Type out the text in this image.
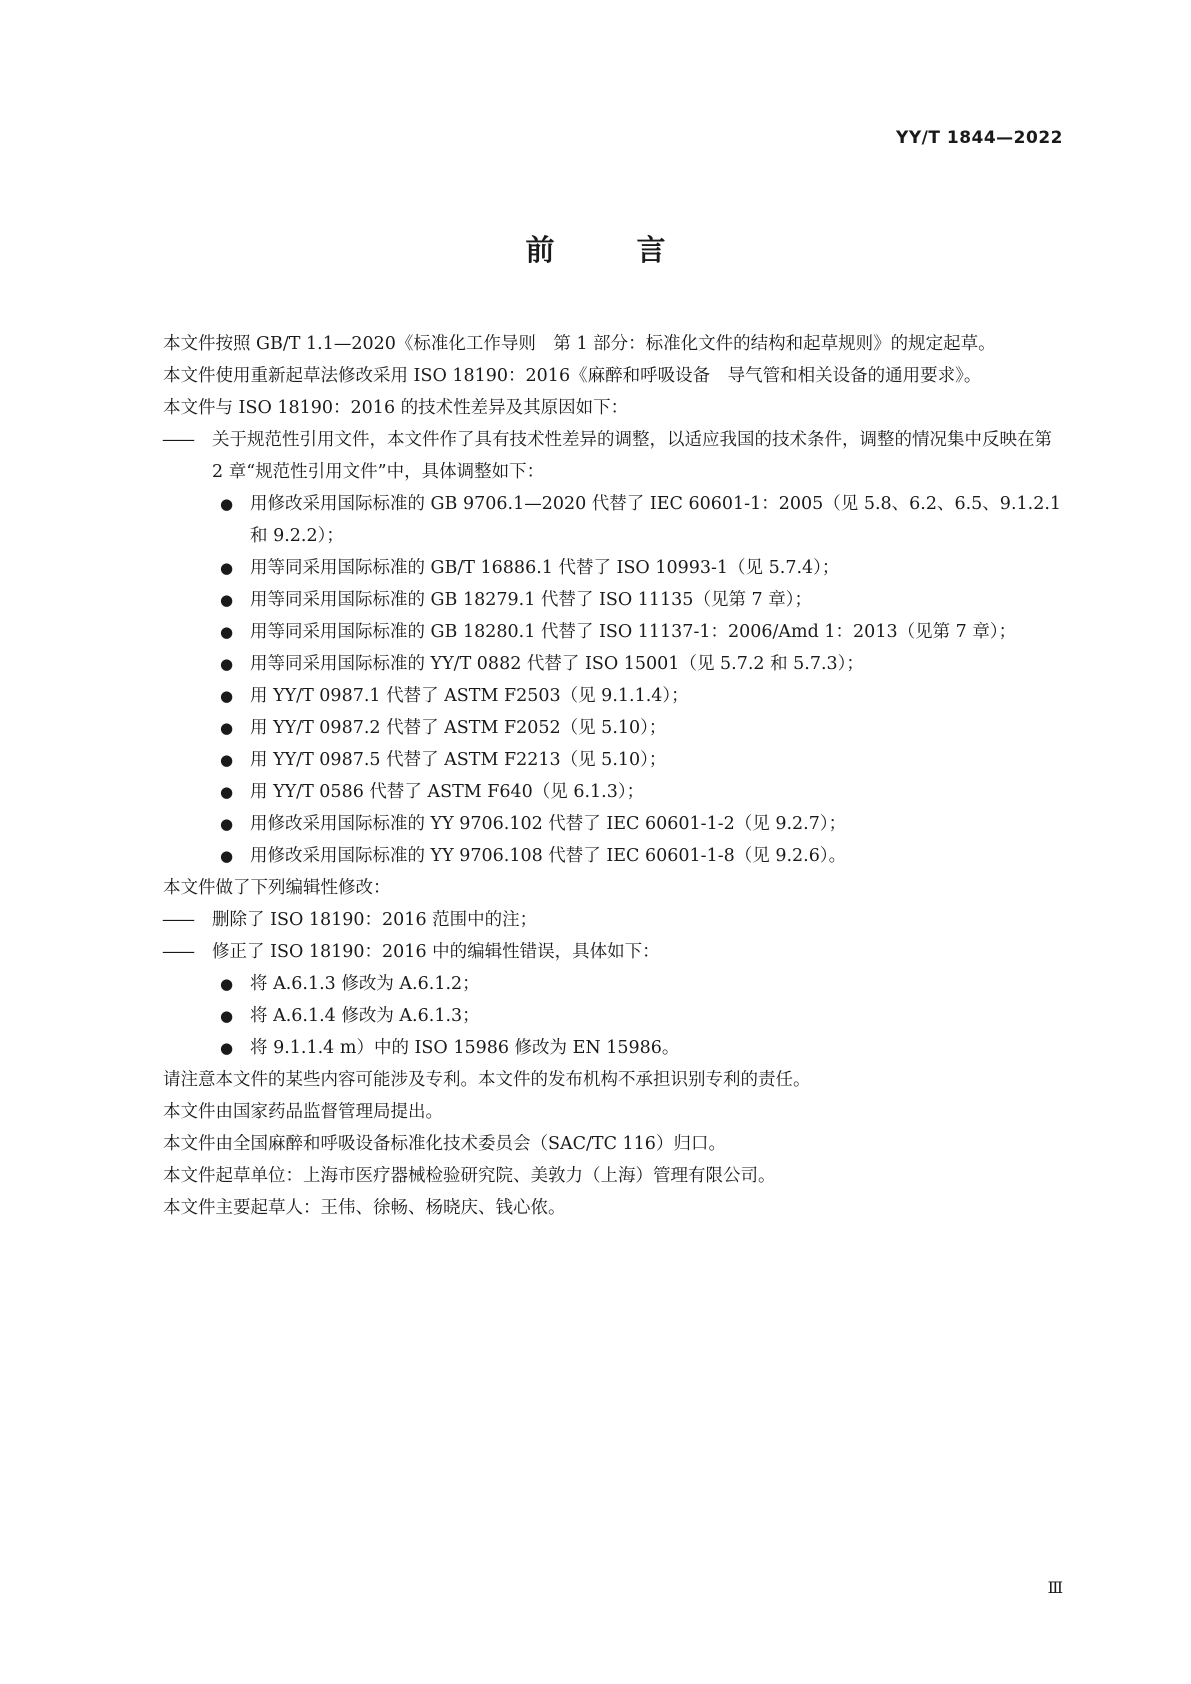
YY/T 1844—2022
前 言

本文件按照 GB/T 1.1—2020《标准化工作导则　第 1 部分：标准化文件的结构和起草规则》的规定起草。

本文件使用重新起草法修改采用 ISO 18190：2016《麻醉和呼吸设备　导气管和相关设备的通用要求》。

本文件与 ISO 18190：2016 的技术性差异及其原因如下：

—— 关于规范性引用文件，本文件作了具有技术性差异的调整，以适应我国的技术条件，调整的情况集中反映在第 2 章“规范性引用文件”中，具体调整如下：

● 用修改采用国际标准的 GB 9706.1—2020 代替了 IEC 60601-1：2005（见 5.8、6.2、6.5、9.1.2.1 和 9.2.2）；
● 用等同采用国际标准的 GB/T 16886.1 代替了 ISO 10993-1（见 5.7.4）；
● 用等同采用国际标准的 GB 18279.1 代替了 ISO 11135（见第 7 章）；
● 用等同采用国际标准的 GB 18280.1 代替了 ISO 11137-1：2006/Amd 1：2013（见第 7 章）；
● 用等同采用国际标准的 YY/T 0882 代替了 ISO 15001（见 5.7.2 和 5.7.3）；
● 用 YY/T 0987.1 代替了 ASTM F2503（见 9.1.1.4）；
● 用 YY/T 0987.2 代替了 ASTM F2052（见 5.10）；
● 用 YY/T 0987.5 代替了 ASTM F2213（见 5.10）；
● 用 YY/T 0586 代替了 ASTM F640（见 6.1.3）；
● 用修改采用国际标准的 YY 9706.102 代替了 IEC 60601-1-2（见 9.2.7）；
● 用修改采用国际标准的 YY 9706.108 代替了 IEC 60601-1-8（见 9.2.6）。

本文件做了下列编辑性修改：

—— 删除了 ISO 18190：2016 范围中的注；

—— 修正了 ISO 18190：2016 中的编辑性错误，具体如下：

● 将 A.6.1.3 修改为 A.6.1.2；
● 将 A.6.1.4 修改为 A.6.1.3；
● 将 9.1.1.4 m）中的 ISO 15986 修改为 EN 15986。

请注意本文件的某些内容可能涉及专利。本文件的发布机构不承担识别专利的责任。

本文件由国家药品监督管理局提出。

本文件由全国麻醉和呼吸设备标准化技术委员会（SAC/TC 116）归口。

本文件起草单位：上海市医疗器械检验研究院、美敦力（上海）管理有限公司。

本文件主要起草人：王伟、徐畅、杨晓庆、钱心侬。

Ⅲ
